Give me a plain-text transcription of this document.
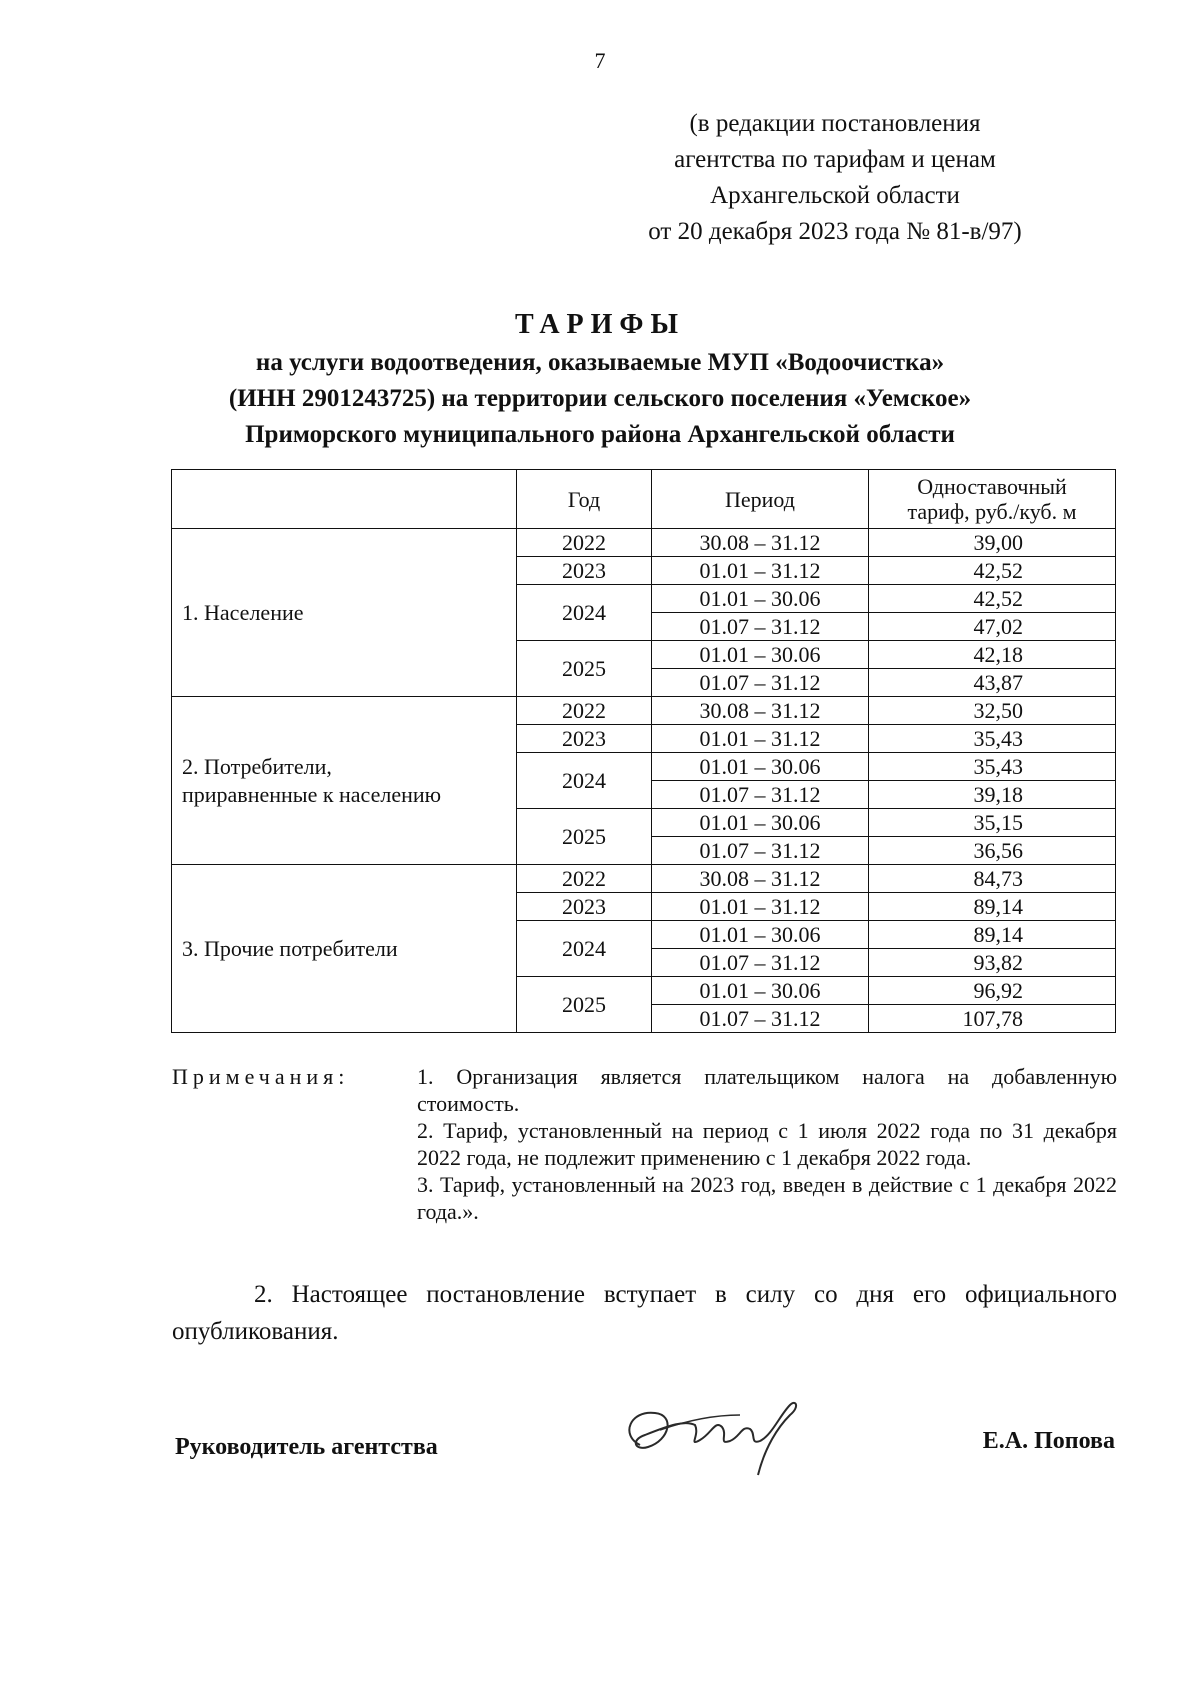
7
(в редакции постановления
агентства по тарифам и ценам
Архангельской области
от 20 декабря 2023 года № 81-в/97)
ТАРИФЫ
на услуги водоотведения, оказываемые МУП «Водоочистка»
(ИНН 2901243725) на территории сельского поселения «Уемское»
Приморского муниципального района Архангельской области
	Год	Период	Одноставочный
тариф, руб./куб. м

1. Население	2022	30.08 – 31.12	39,00
	2023	01.01 – 31.12	42,52
	2024	01.01 – 30.06	42,52
		01.07 – 31.12	47,02
	2025	01.01 – 30.06	42,18
		01.07 – 31.12	43,87

2. Потребители,
приравненные к населению	2022	30.08 – 31.12	32,50
	2023	01.01 – 31.12	35,43
	2024	01.01 – 30.06	35,43
		01.07 – 31.12	39,18
	2025	01.01 – 30.06	35,15
		01.07 – 31.12	36,56

3. Прочие потребители	2022	30.08 – 31.12	84,73
	2023	01.01 – 31.12	89,14
	2024	01.01 – 30.06	89,14
		01.07 – 31.12	93,82
	2025	01.01 – 30.06	96,92
		01.07 – 31.12	107,78
Примечания:	1. Организация является плательщиком налога на добавленную стоимость.
2. Тариф, установленный на период с 1 июля 2022 года по 31 декабря 2022 года, не подлежит применению с 1 декабря 2022 года.
3. Тариф, установленный на 2023 год, введен в действие с 1 декабря 2022 года.».
2. Настоящее постановление вступает в силу со дня его официального опубликования.
Руководитель агентства	Е.А. Попова
